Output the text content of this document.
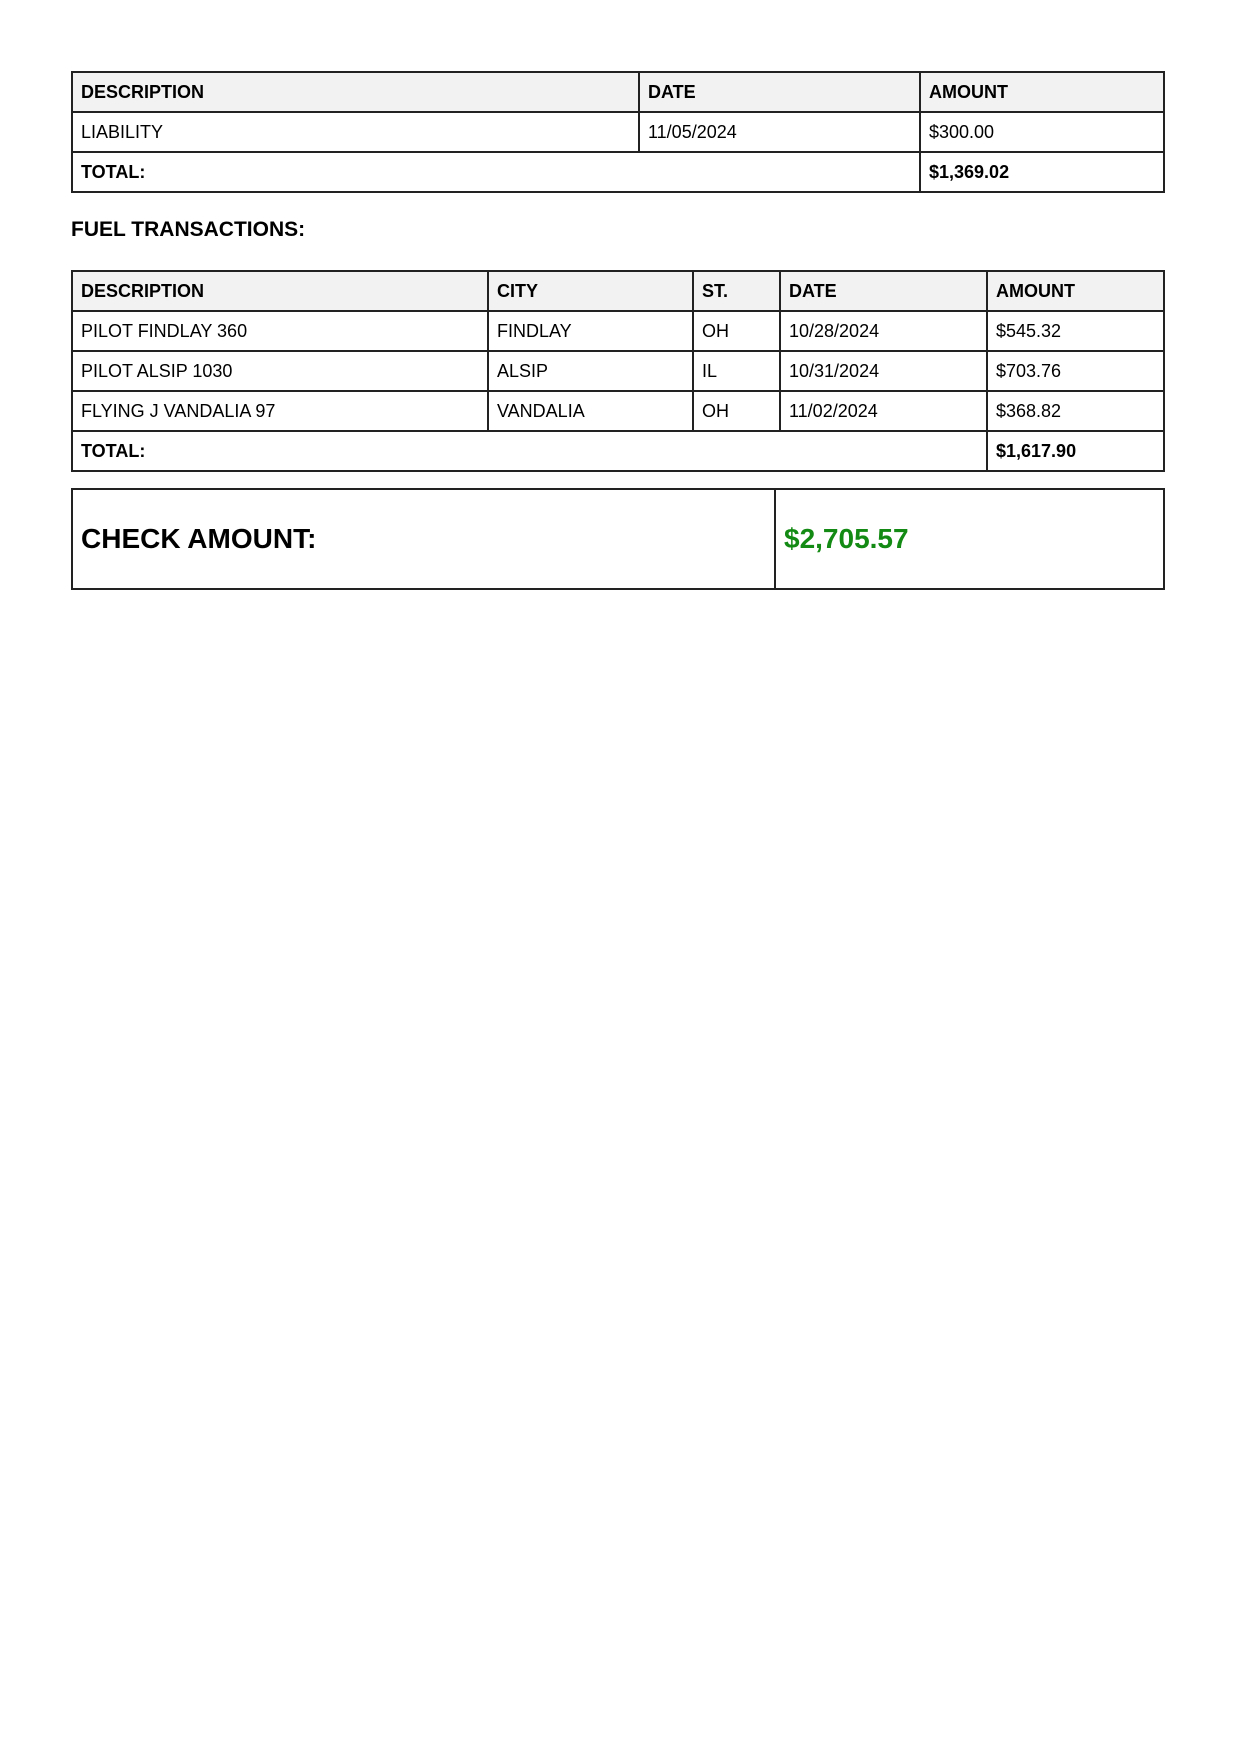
DESCRIPTION	DATE	AMOUNT
LIABILITY	11/05/2024	$300.00
TOTAL:		$1,369.02
FUEL TRANSACTIONS:
DESCRIPTION	CITY	ST.	DATE	AMOUNT
PILOT FINDLAY 360	FINDLAY	OH	10/28/2024	$545.32
PILOT ALSIP 1030	ALSIP	IL	10/31/2024	$703.76
FLYING J VANDALIA 97	VANDALIA	OH	11/02/2024	$368.82
TOTAL:				$1,617.90
CHECK AMOUNT:	$2,705.57
